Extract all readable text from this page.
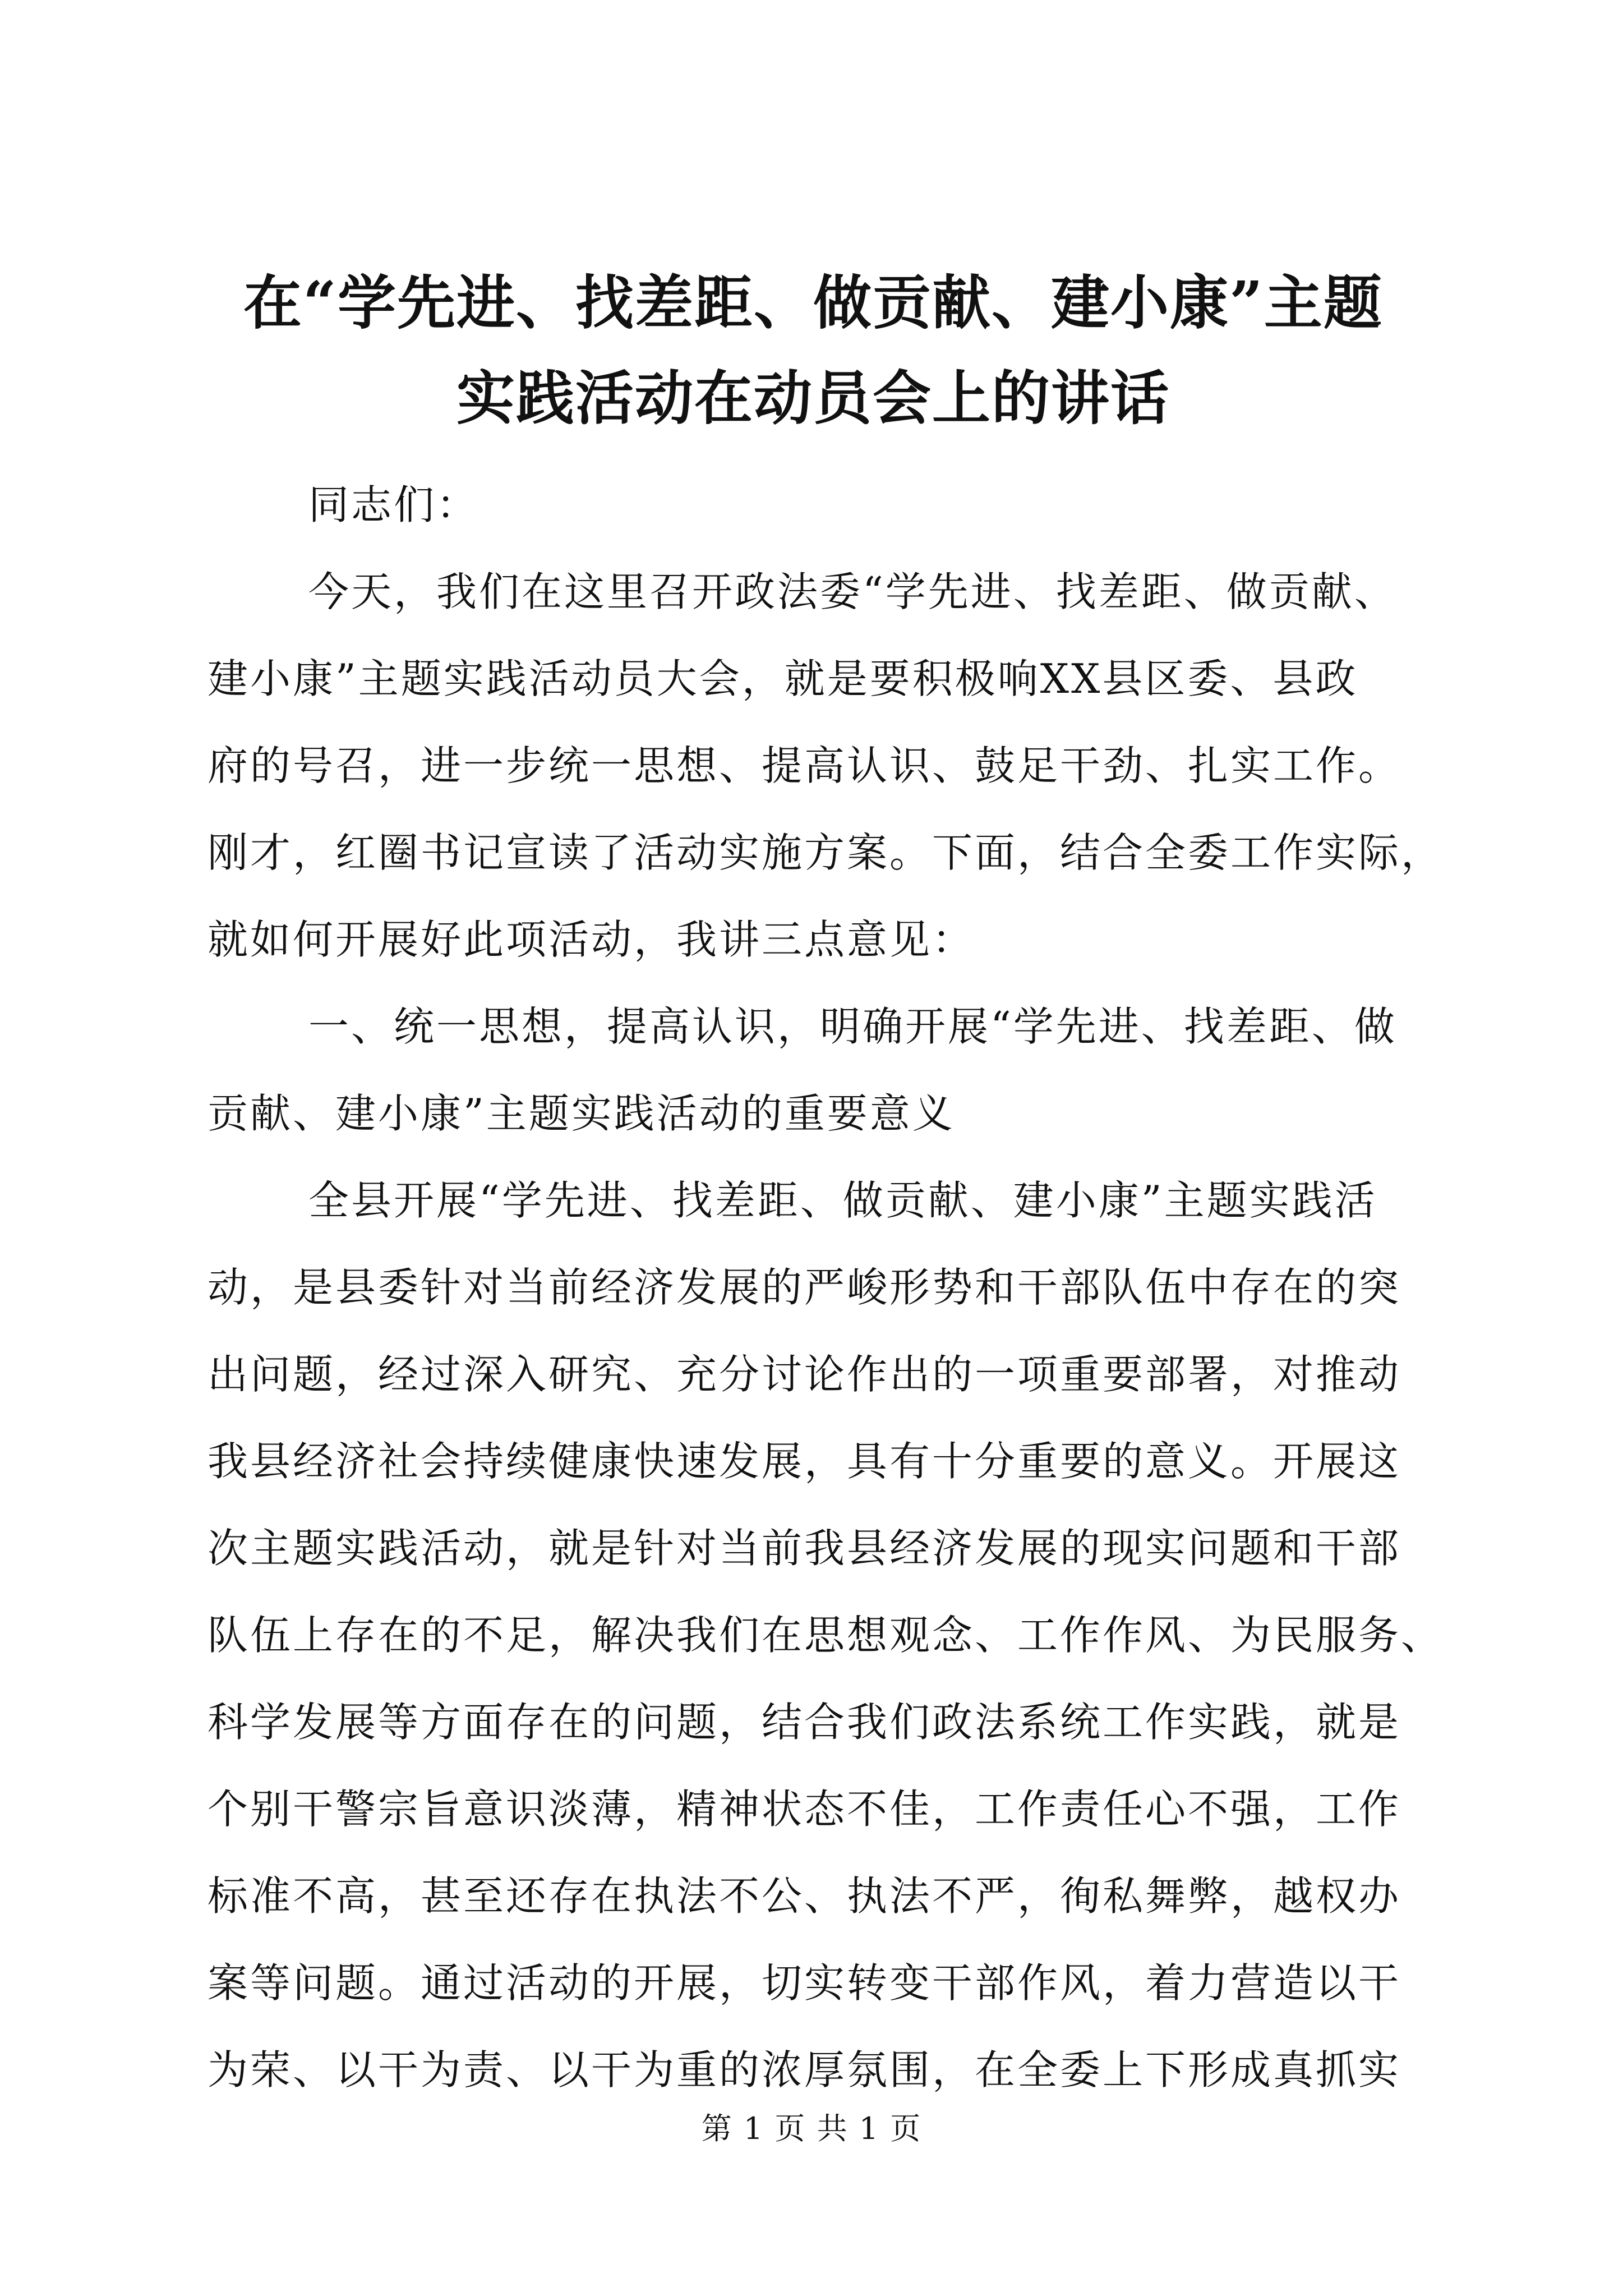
在“学先进、找差距、做贡献、建小康”主题
实践活动在动员会上的讲话
同志们：
今天，我们在这里召开政法委“学先进、找差距、做贡献、
建小康”主题实践活动员大会，就是要积极响XX县区委、县政
府的号召，进一步统一思想、提高认识、鼓足干劲、扎实工作。
刚才，红圈书记宣读了活动实施方案。下面，结合全委工作实际，
就如何开展好此项活动，我讲三点意见：
一、统一思想，提高认识，明确开展“学先进、找差距、做
贡献、建小康”主题实践活动的重要意义
全县开展“学先进、找差距、做贡献、建小康”主题实践活
动，是县委针对当前经济发展的严峻形势和干部队伍中存在的突
出问题，经过深入研究、充分讨论作出的一项重要部署，对推动
我县经济社会持续健康快速发展，具有十分重要的意义。开展这
次主题实践活动，就是针对当前我县经济发展的现实问题和干部
队伍上存在的不足，解决我们在思想观念、工作作风、为民服务、
科学发展等方面存在的问题，结合我们政法系统工作实践，就是
个别干警宗旨意识淡薄，精神状态不佳，工作责任心不强，工作
标准不高，甚至还存在执法不公、执法不严，徇私舞弊，越权办
案等问题。通过活动的开展，切实转变干部作风，着力营造以干
为荣、以干为责、以干为重的浓厚氛围，在全委上下形成真抓实
第 1 页 共 1 页
